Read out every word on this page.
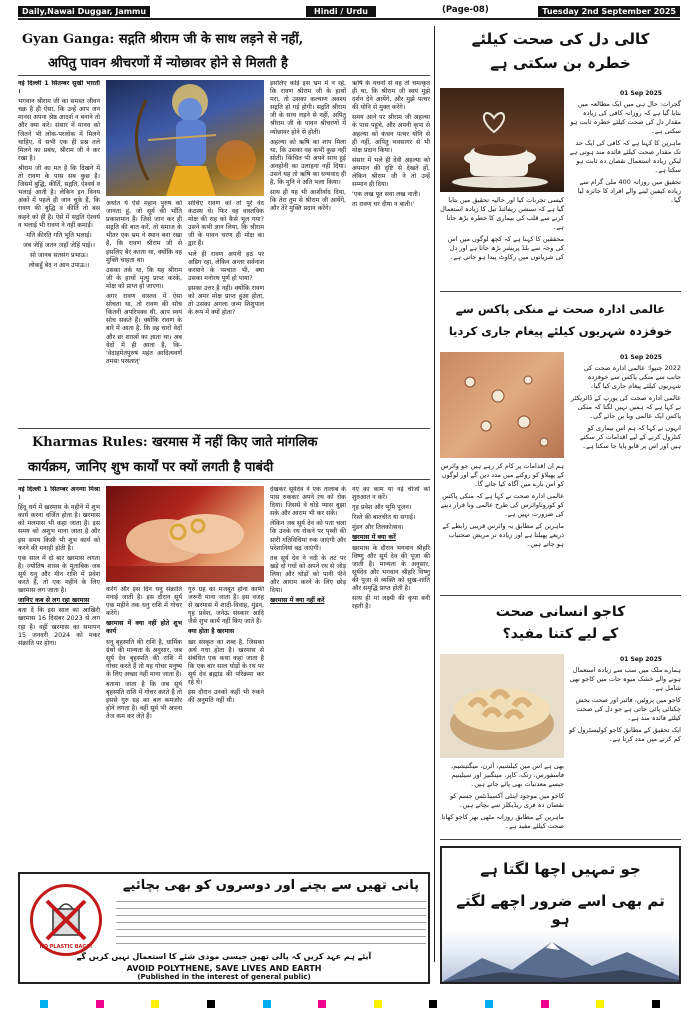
Daily,Nawai Duggar, Jammu	Hindi / Urdu	(Page-08)	Tuesday 2nd September 2025
Gyan Ganga: सद्गति श्रीराम जी के साथ लड़ने से नहीं,
अपितु पावन श्रीचरणों में न्योछावर होने से मिलती है

नई दिल्ली 1 सितम्बर सुखी भारती ।

भगवान श्रीराम जी का समस्त जीवन चक्र है ही ऐसा, कि उन्हें आप जन मानस अपना श्रेष्ठ आदर्श न बनाने तो और क्या करे। संसार में मानव को जितने भी लोक-परलोक में मिलने चाहिए, वे सभी एक ही प्रश्न तले मिलने का प्रबंध, श्रीराम जी ने कर रखा है।

श्रीराम जी का मत है कि दिखने में तो रावण के पास सब कुछ है। जिसमें बुद्धि, कीर्ति, सद्गति, ऐश्वर्य व भलाई आती है। लेकिन इन विनय अंकों में पहले ही जान चुके हैं, कि रावण की बुद्धि व कीर्ति तो बस कहने को ही है। ऐसे में सद्गति ऐश्वर्य व भलाई भी रावण ने नहीं कमाई।

मति कीरति गति भूति भलाई।

जब जेहिं जतन जहाँ जेहिं पाई।।

सो जानब सतसंग प्रभाऊ।

लोकहुँ बेद न आन उपाऊ।।

अर्थात ये ऐसे महान पुरुष को जानता हूं, जो सूर्य की भाँति प्रकाशमान हैं। जिसे जान कर ही सद्गति की बात करें, तो समाज के भीतर एक भ्रम ने स्थान बना रखा है, कि रावण श्रीराम जी से इसलिए बैर करता था, क्योंकि वह मुक्ति चाहता था।

उसका तर्क था, कि यह श्रीराम जी के हाथों मृत्यु प्राप्त करके, मोक्ष को प्राप्त हो जाएगा।

अगर रावण वास्तव में ऐसा सोचता था, तो रावण की सोच कितनी अपरिपक्व थी, आप स्वयं सोच सकते हैं। क्योंकि रावण के बारे में आता है, कि वह चारों वेदों और छः शास्त्रों का ज्ञाता था। अब वेदों में ही आता है, कि-'वेदाहमेतंपुरुषं महंत आदित्यवर्णं तमसः परस्तात्'

सोचिए रावण को तो पूरे वेद कंठस्थ थे। फिर वह वास्तविक मोक्ष की राह को कैसे भूल गया? उसने कभी ज्ञान लिया, कि श्रीराम जी के पावन चरण ही मोक्ष का द्वार हैं।

भले ही रावण अपनी हठ पर अडिग रहा, लेकिन अन्तर सर्वनाश करवाने के पश्चात भी, क्या उसका मनोरथ पूर्ण हो पाया?

इसका उत्तर है नहीं। क्योंकि रावण को अमर मोक्ष प्राप्त हुआ होता, तो उसका अगला जन्म शिशुपाल के रूप में क्यों होता?

इसलिए कोई इस भ्रम में न रहे, कि रावण श्रीराम जी के हाथों मरा, तो उसका कल्याण अवश्य सद्गति हो गई होगी। सद्गति श्रीराम जी के साथ लड़ने से नहीं, अपितु श्रीराम जी के पावन श्रीचरणों में न्योछावर होने से होती।

अहल्या को ऋषि का शाप मिला था, कि उसका वह कभी कुछ नहीं सोती। किंचित भी अपने साथ हुई अनहोनी का उलाहना नहीं दिया। उसने यह तो ऋषि का धन्यवाद ही है, कि मुनि ने अति भला किया।

साथ ही यह भी आशीर्वाद दिया, कि तेरा तुम से श्रीराम जी आयेंगे, और तेरे मुक्ति प्रदान करेंगे।

ऋषि के वचनों से वह तो चमत्कृत ही था, कि श्रीराम जी स्वयं मुझे दर्शन देने आयेंगे, और मुझे पत्थर की योनि से मुक्त करेंगे।

समय आने पर श्रीराम जी अहल्या के पास पहुंचे, और अपनी कृपा से अहल्या को कंचन पत्थर योनि से ही नहीं, अपितु भवसागर से भी मोक्ष प्रदान किया।

संसार में भले ही देवी अहल्या को अपमान की दृष्टि से देखते हों, लेकिन श्रीराम जी ने तो उन्हें सम्मान ही दिया।

'एक लख पूत सवा लख नाती।

ता रावण घर दीया न बाती।'

Kharmas Rules: खरमास में नहीं किए जाते मांगलिक
कार्यक्रम, जानिए शुभ कार्यों पर क्यों लगती है पाबंदी

नई दिल्ली 1 सितम्बर अनन्या मिश्रा ।

हिंदू धर्म में खरमास के महीने में शुभ कार्य करना वर्जित होता है। खरमास को मलमास भी कहा जाता है। इस समय को अशुभ माना जाता है और इस समय किसी भी शुभ कार्य को करने की मनाही होती है।

एक साल में दो बार खरमास लगता है। ज्योतिष शास्त्र के मुताबिक जब सूर्य धनु और मीन राशि में प्रवेश करते हैं, तो एक महीने के लिए खरमास लग जाता है।

जानिए कब से लग रहा खरमास

बता दें कि इस साल का आखिरी खरमास 16 दिसंबर 2023 से लग रहा है। वहीं खरमास का समापन 15 जनवरी 2024 को मकर संक्रांति पर होगा।

करेंगे और इस दिन धनु संक्रांति मनाई जाती है। इस दौरान सूर्य एक महीने तक धनु राशि में गोचर करेंगे।

खरमास में क्या नहीं होते शुभ कार्य

धनु बृहस्पति की राशि है, धार्मिक ग्रंथों की मान्यता के अनुसार, जब सूर्य देव बृहस्पति की राशि में गोचर करते हैं तो यह गोचर मनुष्य के लिए अच्छा नहीं माना जाता है।

बताया जाता है कि जब सूर्य बृहस्पति राशि में गोचर करते हैं तो इससे गुरु ग्रह का बल कमजोर होने लगता है। वहीं सूर्य भी अपना तेज कम कर लेते हैं।

गुरु ग्रह का मजबूत होना काफी जरूरी माना जाता है। इस वजह से खरमास में शादी-विवाह, मुंडन, गृह प्रवेश, जनेऊ संस्कार आदि जैसे शुभ कार्य नहीं किए जाते हैं।

क्या होता है खरमास

खर संस्कृत का शब्द है, जिसका अर्थ गधा होता है। खरमास से संबंधित एक कथा कहा जाता है कि एक बार साल घोड़ों के रथ पर सूर्य देव ब्रह्मांड की परिक्रमा कर रहे थे।

इस दौरान उनको कहीं भी रुकने की अनुमति नहीं थी।

देखकर सूर्यदेव ने एक तालाब के पास रुककर अपने रथ को रोक दिया। जिससे वे घोड़े प्यास बुझा सके और आराम भी कर सकें।

लेकिन जब सूर्य देव को पता चला कि उनके रथ रोकने पर पृथ्वी की सारी गतिविधियां रुक जाएंगी और परेशानियां बढ़ जाएंगी।

तब सूर्य देव ने नदी के तट पर खड़े दो गधों को अपने रथ से जोड़ लिया और घोड़ों को पानी पीने और आराम करने के लिए छोड़ दिया।

खरमास में क्या नहीं करें

नए का काम या नई चीजों को शुरुआत न करें।

गृह प्रवेश और भूमि पूजन।

रिश्ते की बातचीत या सगाई।

मुंडन और तिलकोत्सव।

खरमास में क्या करें

खरमास के दौरान भगवान श्रीहरि विष्णु और सूर्य देव की पूजा की जाती है। मान्यता के अनुसार, सूर्यदेव और भगवान श्रीहरि विष्णु की पूजा से व्यक्ति को सुख-शांति और समृद्धि प्राप्त होती है।

साथ ही मां लक्ष्मी की कृपा बनी रहती है।

پانی تھیں سے بچنے اور دوسروں کو بھی بچائیے
NO PLASTIC BAGS!
آیئے ہم عہد کریں کہ پالی تھین جیسی موذی شئے کا استعمال نہیں کریں گے
AVOID POLYTHENE, SAVE LIVES AND EARTH
(Published in the interest of general public)
کالی دل کی صحت کیلئے
خطرہ بن سکتی ہے
01 Sep 2025
گجرات: حال ہی میں ایک مطالعہ میں بتایا گیا ہے کہ روزانہ کافی کی زیادہ مقدار دل کی صحت کیلئے خطرہ ثابت ہو سکتی ہے۔
ماہرین کا کہنا ہے کہ کافی کی ایک حد تک مقدار صحت کیلئے فائدہ مند ہوتی ہے لیکن زیادہ استعمال نقصان دہ ثابت ہو سکتا ہے۔
تحقیق میں روزانہ 400 ملی گرام سے زیادہ کیفین لینے والے افراد کا جائزہ لیا گیا۔
کیسی تجربات کیا اور حالیہ تحقیق میں بتایا گیا ہے کہ سنشن ریفائنڈ تیل کا زیادہ استعمال کرنے سے قلب کی بیماری کا خطرہ بڑھ جاتا ہے۔
محققین کا کہنا ہے کہ کچھ لوگوں میں اس کی وجہ سے بلڈ پریشر بڑھ جاتا ہے اور دل کی شریانوں میں رکاوٹ پیدا ہو جاتی ہے۔
عالمی ادارہ صحت نے منکی پاکس سے
خوفزدہ شہریوں کیلئے پیغام جاری کردیا
01 Sep 2025
2022 جنیوا: عالمی ادارہ صحت کی جانب سے منکی پاکس سے خوفزدہ شہریوں کیلئے پیغام جاری کیا گیا۔
عالمی ادارہ صحت کی یورپ کے ڈائریکٹر نے کہا ہے کہ ہمیں نہیں لگتا کہ منکی پاکس ایک عالمی وبا بن جائے گی۔
انہوں نے کہا کہ ہم اس بیماری کو کنٹرول کرنے کے لیے اقدامات کر سکتے ہیں اور اس پر قابو پایا جا سکتا ہے۔
ہم ان اقدامات پر کام کر رہے ہیں جو وائرس کے پھیلاؤ کو روکنے میں مدد دیں گے اور لوگوں کو اس بارے میں آگاہ کیا جائے گا۔
عالمی ادارہ صحت نے کہا ہے کہ منکی پاکس کو کوروناوائرس کی طرح عالمی وبا قرار دینے کی ضرورت نہیں ہے۔
ماہرین کے مطابق یہ وائرس قریبی رابطے کے ذریعے پھیلتا ہے اور زیادہ تر مریض صحتیاب ہو جاتے ہیں۔
کاجو انسانی صحت
کے لیے کتنا مفید؟
01 Sep 2025
ہمارے ملک میں سب سے زیادہ استعمال ہونے والے خشک میوہ جات میں کاجو بھی شامل ہے۔
کاجو میں پروٹین، فائبر اور صحت بخش چکنائی پائی جاتی ہے جو دل کی صحت کیلئے فائدہ مند ہے۔
ایک تحقیق کے مطابق کاجو کولیسٹرول کو کم کرنے میں مدد کرتا ہے۔
بھی ہے اس میں کیلشیم، آئرن، میگنیشیم، فاسفورس، زنک، کاپر، مینگنیز اور سیلینیم جیسے معدنیات بھی پائے جاتے ہیں۔
کاجو میں موجود اینٹی آکسیڈنٹس جسم کو نقصان دہ فری ریڈیکلز سے بچاتے ہیں۔
ماہرین کے مطابق روزانہ مٹھی بھر کاجو کھانا صحت کیلئے مفید ہے۔
جو تمہیں اچھا لگتا ہے
تم بھی اسے ضرور اچھے لگتے ہو
